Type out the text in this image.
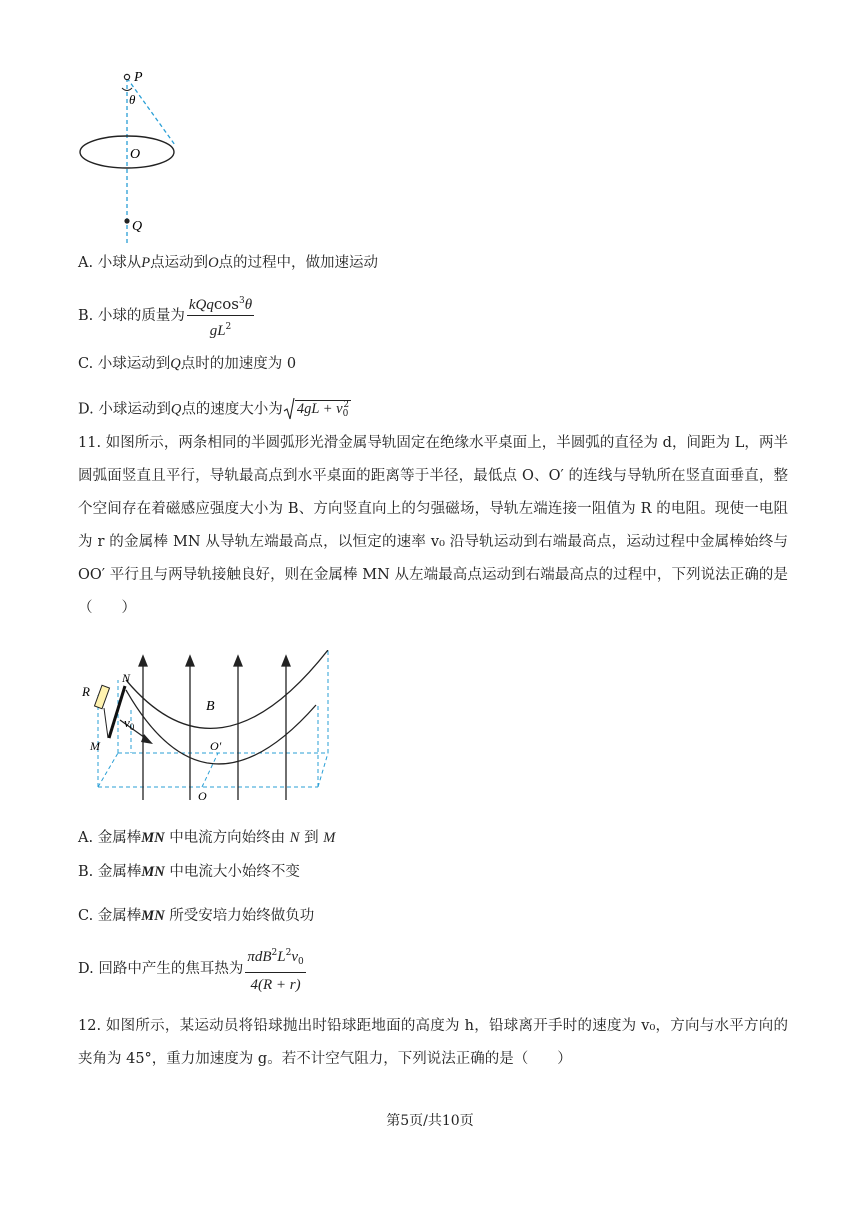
P
θ
O
Q
A. 小球从P点运动到O点的过程中，做加速运动
B. 小球的质量为 $\frac{kQqcos^3\theta}{gL^2}$
C. 小球运动到Q点时的加速度为 0
D. 小球运动到Q点的速度大小为 $4gL + v_0^2$
11. 如图所示，两条相同的半圆弧形光滑金属导轨固定在绝缘水平桌面上，半圆弧的直径为 d，间距为 L，两半圆弧面竖直且平行，导轨最高点到水平桌面的距离等于半径，最低点 O、O′ 的连线与导轨所在竖直面垂直，整个空间存在着磁感应强度大小为 B、方向竖直向上的匀强磁场，导轨左端连接一阻值为 R 的电阻。现使一电阻为 r 的金属棒 MN 从导轨左端最高点，以恒定的速率 v₀ 沿导轨运动到右端最高点，运动过程中金属棒始终与 OO′ 平行且与两导轨接触良好，则在金属棒 MN 从左端最高点运动到右端最高点的过程中，下列说法正确的是（　　）
R
N
M
$v_0$
B
O′
O
A. 金属棒MN 中电流方向始终由 N 到 M
B. 金属棒MN 中电流大小始终不变
C. 金属棒MN 所受安培力始终做负功
D. 回路中产生的焦耳热为 $\frac{\pi dB^2L^2v_0}{4(R + r)}$
12. 如图所示，某运动员将铅球抛出时铅球距地面的高度为 h，铅球离开手时的速度为 v₀，方向与水平方向的夹角为 45°，重力加速度为 g。若不计空气阻力，下列说法正确的是（　　）
第5页/共10页
